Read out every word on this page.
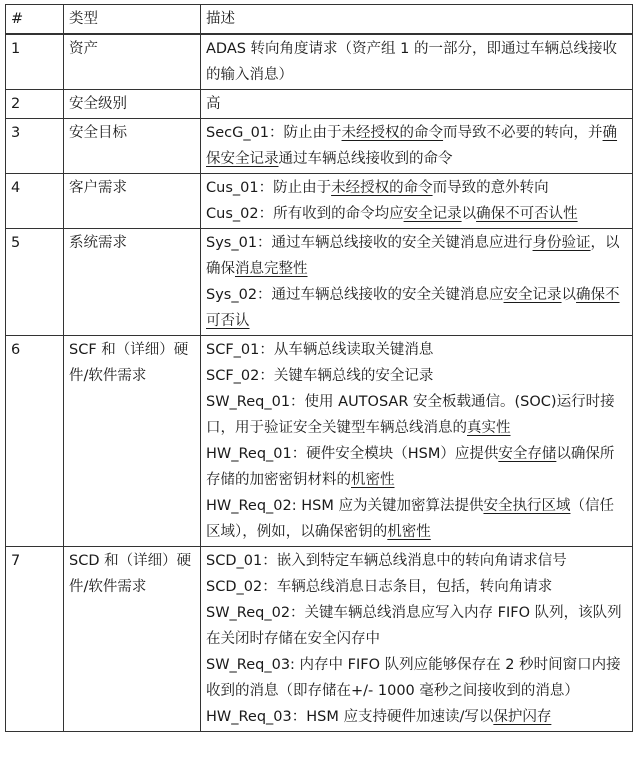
#	类型	描述
1	资产	ADAS 转向角度请求（资产组 1 的一部分，即通过车辆总线接收的输入消息）

2	安全级别	高

3	安全目标	SecG_01：防止由于未经授权的命令而导致不必要的转向，并确保安全记录通过车辆总线接收到的命令

4	客户需求	Cus_01：防止由于未经授权的命令而导致的意外转向
Cus_02：所有收到的命令均应安全记录以确保不可否认性

5	系统需求	Sys_01：通过车辆总线接收的安全关键消息应进行身份验证，以确保消息完整性
Sys_02：通过车辆总线接收的安全关键消息应安全记录以确保不可否认

6	SCF 和（详细）硬件/软件需求	SCF_01：从车辆总线读取关键消息
SCF_02：关键车辆总线的安全记录
SW_Req_01：使用 AUTOSAR 安全板载通信。(SOC)运行时接口，用于验证安全关键型车辆总线消息的真实性
HW_Req_01：硬件安全模块（HSM）应提供安全存储以确保所存储的加密密钥材料的机密性
HW_Req_02: HSM 应为关键加密算法提供安全执行区域（信任区域），例如，以确保密钥的机密性

7	SCD 和（详细）硬件/软件需求	SCD_01：嵌入到特定车辆总线消息中的转向角请求信号
SCD_02：车辆总线消息日志条目，包括，转向角请求
SW_Req_02：关键车辆总线消息应写入内存 FIFO 队列，该队列在关闭时存储在安全闪存中
SW_Req_03: 内存中 FIFO 队列应能够保存在 2 秒时间窗口内接收到的消息（即存储在+/- 1000 毫秒之间接收到的消息）
HW_Req_03：HSM 应支持硬件加速读/写以保护闪存
